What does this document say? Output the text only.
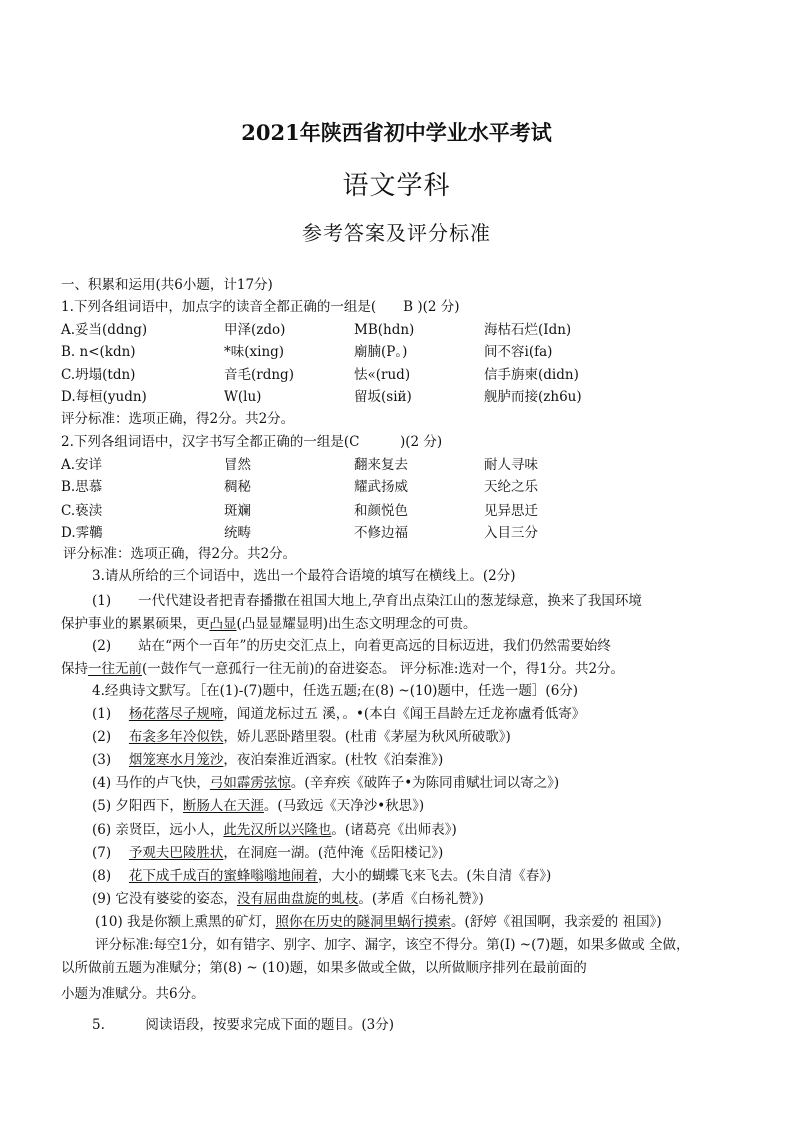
2021年陕西省初中学业水平考试
语文学科
参考答案及评分标准
一、积累和运用(共6小题，计17分)
1.下列各组词语中，加点字的读音全都正确的一组是(　　B )(2 分)
A.妥当(ddng)	甲泽(zdo)	MB(hdn)	海枯石烂(Idn)
B. n<(kdn)	*味(xing)	廟腩(P。)	间不容i(fa)
C.坍塌(tdn)	音毛(rdng)	怯«(rud)	信手旃柬(didn)
D.每桓(yudn)	W(lu)	留坂(siй)	舰胪而接(zh6u)
评分标准：选项正确，得2分。共2分。
2.下列各组词语中，汉字书写全都正确的一组是(C　　　)(2 分)
A.安详	冒然	翻来复去	耐人寻味
B.思慕	稠秘	耀武扬威	天纶之乐
C.亵渎	斑斓	和颜悦色	见异思迁
D.霁韀	统畴	不修边福	入目三分
评分标准：选项正确，得2分。共2分。
3.请从所给的三个词语中，选出一个最符合语境的填写在横线上。(2分)
(1)　　一代代建设者把青春播撒在祖国大地上,孕育出点染江山的葱茏绿意，换来了我国环境
保护事业的累累硕果，更凸显(凸显显耀显明)出生态文明理念的可贵。
(2)　　站在“两个一百年”的历史交汇点上，向着更高远的目标迈进，我们仍然需要始终
保持一往无前(一鼓作气一意孤行一往无前)的奋进姿态。 评分标准:选对一个，得1分。共2分。
4.经典诗文默写。［在(1)-(7)题中，任选五题;在(8) ~(10)题中，任选一题］(6分)
(1) 　 杨花落尽子规啼，闻道龙标过五 溪，。•(本白《闻王昌龄左迁龙祢盧肴低寄》
(2) 　 布衾多年冷似铁，娇儿恶卧踏里裂。(杜甫《茅屋为秋风所破歌》)
(3) 　 烟笼寒水月笼沙，夜泊秦淮近酒家。(杜牧《泊秦淮》)
(4) 马作的卢飞快，弓如霹雳弦惊。(辛弃疾《破阵子•为陈同甫赋壮词以寄之》)
(5) 夕阳西下，断肠人在天涯。(马致远《天净沙•秋思》)
(6) 亲贤臣，远小人，此先汉所以兴隆也。(诸葛亮《出师表》)
(7) 　 予观夫巴陵胜状，在洞庭一湖。(范仲淹《岳阳楼记》)
(8) 　 花下成千成百的蜜蜂嗡嗡地闹着，大小的蝴蝶飞来飞去。(朱自清《春》)
(9) 它没有婆娑的姿态，没有屈曲盘旋的虬枝。(茅盾《白杨礼赞》)
(10) 我是你额上熏黑的矿灯，照你在历史的隧洞里蜗行摸索。(舒婷《祖国啊，我亲爱的 祖国》)
评分标准:每空1分，如有错字、别字、加字、漏字，该空不得分。第(I) ~(7)题，如果多做或 全做，
以所做前五题为准赋分；第(8) ~ (10)题，如果多做或全做，以所做顺序排列在最前面的
小题为准赋分。共6分。
5.　　　阅读语段，按要求完成下面的题目。(3分)
